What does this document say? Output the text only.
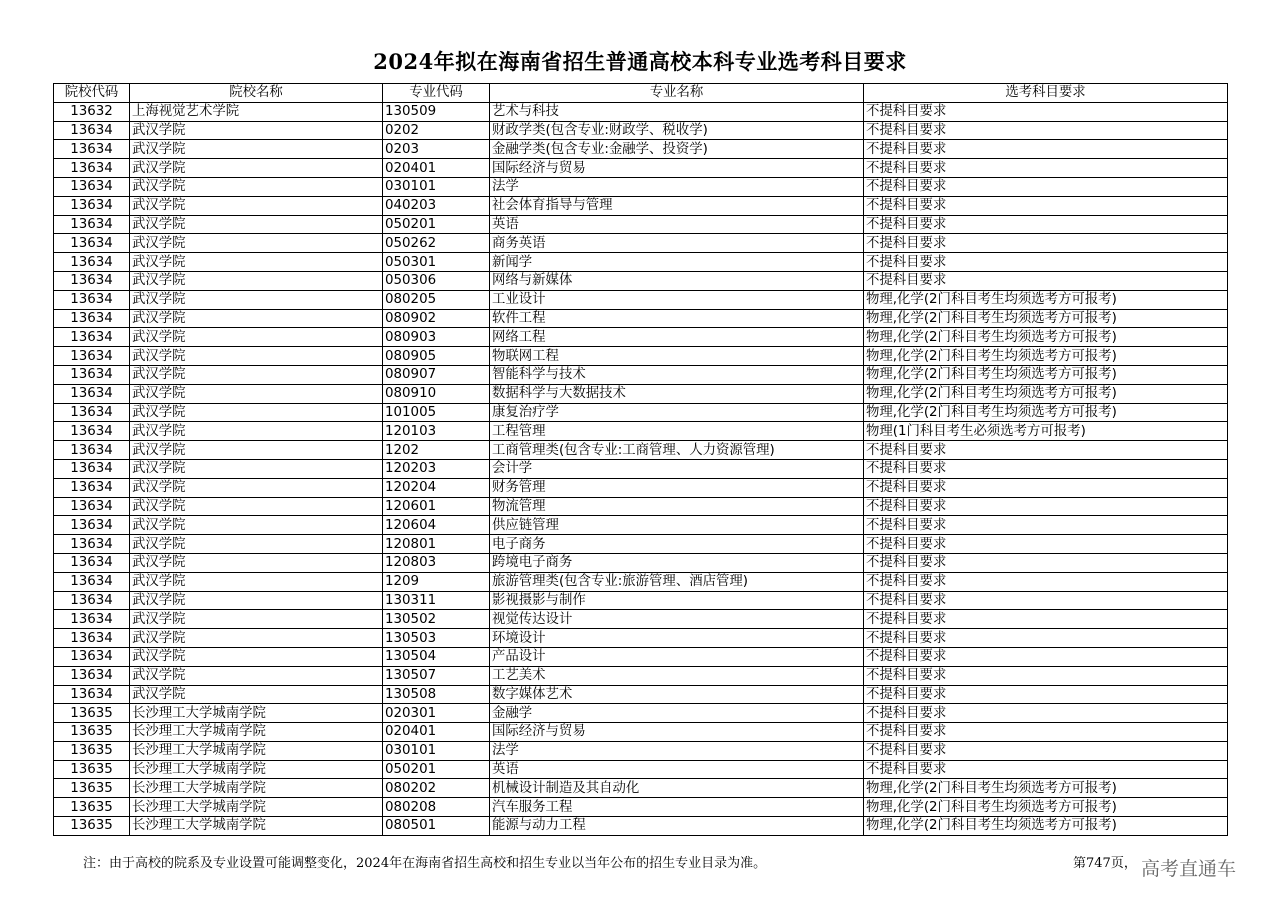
2024年拟在海南省招生普通高校本科专业选考科目要求
院校代码	院校名称	专业代码	专业名称	选考科目要求
13632	上海视觉艺术学院	130509	艺术与科技	不提科目要求
13634	武汉学院	0202	财政学类(包含专业:财政学、税收学)	不提科目要求
13634	武汉学院	0203	金融学类(包含专业:金融学、投资学)	不提科目要求
13634	武汉学院	020401	国际经济与贸易	不提科目要求
13634	武汉学院	030101	法学	不提科目要求
13634	武汉学院	040203	社会体育指导与管理	不提科目要求
13634	武汉学院	050201	英语	不提科目要求
13634	武汉学院	050262	商务英语	不提科目要求
13634	武汉学院	050301	新闻学	不提科目要求
13634	武汉学院	050306	网络与新媒体	不提科目要求
13634	武汉学院	080205	工业设计	物理,化学(2门科目考生均须选考方可报考)
13634	武汉学院	080902	软件工程	物理,化学(2门科目考生均须选考方可报考)
13634	武汉学院	080903	网络工程	物理,化学(2门科目考生均须选考方可报考)
13634	武汉学院	080905	物联网工程	物理,化学(2门科目考生均须选考方可报考)
13634	武汉学院	080907	智能科学与技术	物理,化学(2门科目考生均须选考方可报考)
13634	武汉学院	080910	数据科学与大数据技术	物理,化学(2门科目考生均须选考方可报考)
13634	武汉学院	101005	康复治疗学	物理,化学(2门科目考生均须选考方可报考)
13634	武汉学院	120103	工程管理	物理(1门科目考生必须选考方可报考)
13634	武汉学院	1202	工商管理类(包含专业:工商管理、人力资源管理)	不提科目要求
13634	武汉学院	120203	会计学	不提科目要求
13634	武汉学院	120204	财务管理	不提科目要求
13634	武汉学院	120601	物流管理	不提科目要求
13634	武汉学院	120604	供应链管理	不提科目要求
13634	武汉学院	120801	电子商务	不提科目要求
13634	武汉学院	120803	跨境电子商务	不提科目要求
13634	武汉学院	1209	旅游管理类(包含专业:旅游管理、酒店管理)	不提科目要求
13634	武汉学院	130311	影视摄影与制作	不提科目要求
13634	武汉学院	130502	视觉传达设计	不提科目要求
13634	武汉学院	130503	环境设计	不提科目要求
13634	武汉学院	130504	产品设计	不提科目要求
13634	武汉学院	130507	工艺美术	不提科目要求
13634	武汉学院	130508	数字媒体艺术	不提科目要求
13635	长沙理工大学城南学院	020301	金融学	不提科目要求
13635	长沙理工大学城南学院	020401	国际经济与贸易	不提科目要求
13635	长沙理工大学城南学院	030101	法学	不提科目要求
13635	长沙理工大学城南学院	050201	英语	不提科目要求
13635	长沙理工大学城南学院	080202	机械设计制造及其自动化	物理,化学(2门科目考生均须选考方可报考)
13635	长沙理工大学城南学院	080208	汽车服务工程	物理,化学(2门科目考生均须选考方可报考)
13635	长沙理工大学城南学院	080501	能源与动力工程	物理,化学(2门科目考生均须选考方可报考)
注：由于高校的院系及专业设置可能调整变化，2024年在海南省招生高校和招生专业以当年公布的招生专业目录为准。	第747页， 高考直通车
